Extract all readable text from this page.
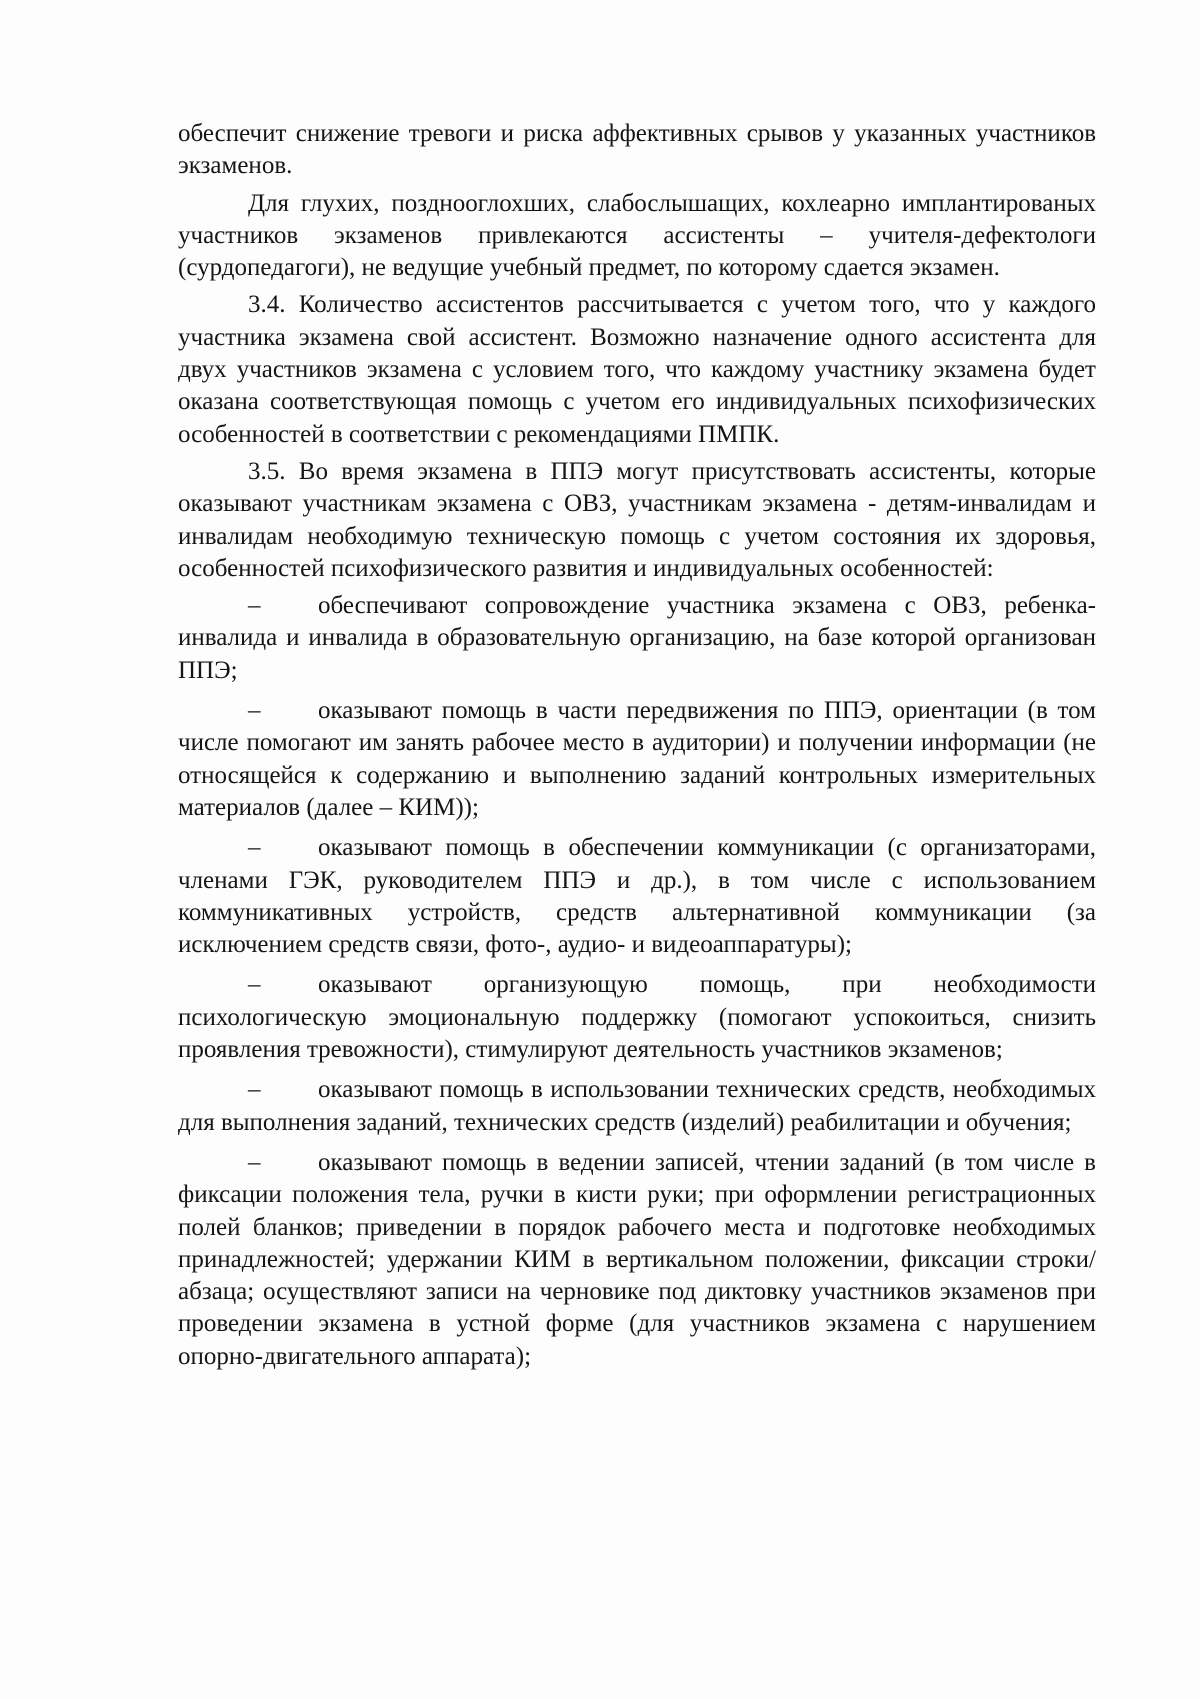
обеспечит снижение тревоги и риска аффективных срывов у указанных участников экзаменов.

Для глухих, позднооглохших, слабослышащих, кохлеарно имплантированых участников экзаменов привлекаются ассистенты – учителя-дефектологи (сурдопедагоги), не ведущие учебный предмет, по которому сдается экзамен.

3.4. Количество ассистентов рассчитывается с учетом того, что у каждого участника экзамена свой ассистент. Возможно назначение одного ассистента для двух участников экзамена с условием того, что каждому участнику экзамена будет оказана соответствующая помощь с учетом его индивидуальных психофизических особенностей в соответствии с рекомендациями ПМПК.

3.5. Во время экзамена в ППЭ могут присутствовать ассистенты, которые оказывают участникам экзамена с ОВЗ, участникам экзамена - детям-инвалидам и инвалидам необходимую техническую помощь с учетом состояния их здоровья, особенностей психофизического развития и индивидуальных особенностей:

– обеспечивают сопровождение участника экзамена с ОВЗ, ребенка-инвалида и инвалида в образовательную организацию, на базе которой организован ППЭ;

– оказывают помощь в части передвижения по ППЭ, ориентации (в том числе помогают им занять рабочее место в аудитории) и получении информации (не относящейся к содержанию и выполнению заданий контрольных измерительных материалов (далее – КИМ));

– оказывают помощь в обеспечении коммуникации (с организаторами, членами ГЭК, руководителем ППЭ и др.), в том числе с использованием коммуникативных устройств, средств альтернативной коммуникации (за исключением средств связи, фото-, аудио- и видеоаппаратуры);

– оказывают организующую помощь, при необходимости психологическую эмоциональную поддержку (помогают успокоиться, снизить проявления тревожности), стимулируют деятельность участников экзаменов;

– оказывают помощь в использовании технических средств, необходимых для выполнения заданий, технических средств (изделий) реабилитации и обучения;

– оказывают помощь в ведении записей, чтении заданий (в том числе в фиксации положения тела, ручки в кисти руки; при оформлении регистрационных полей бланков; приведении в порядок рабочего места и подготовке необходимых принадлежностей; удержании КИМ в вертикальном положении, фиксации строки/абзаца; осуществляют записи на черновике под диктовку участников экзаменов при проведении экзамена в устной форме (для участников экзамена с нарушением опорно-двигательного аппарата);
